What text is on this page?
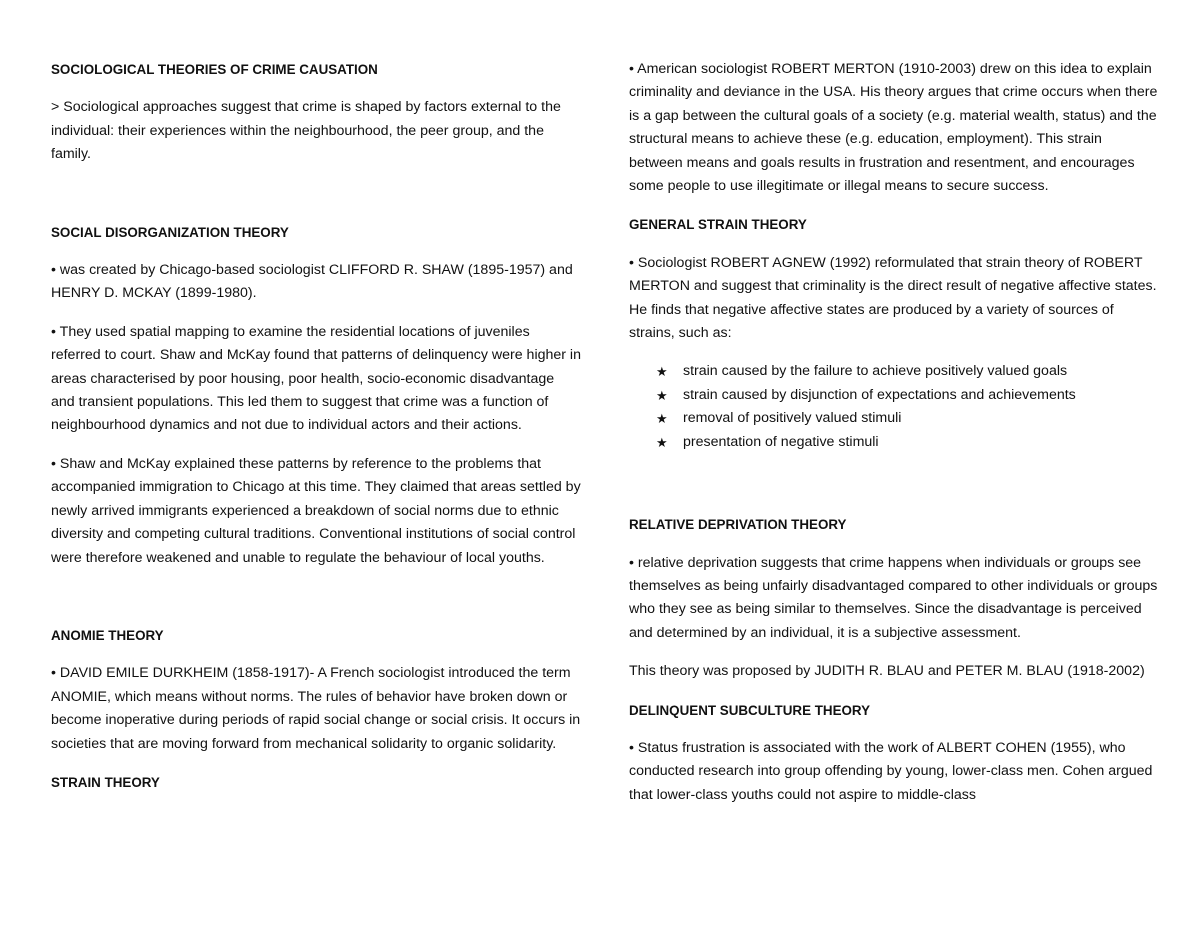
SOCIOLOGICAL THEORIES OF CRIME CAUSATION

> Sociological approaches suggest that crime is shaped by factors external to the individual: their experiences within the neighbourhood, the peer group, and the family.

SOCIAL DISORGANIZATION THEORY

• was created by Chicago-based sociologist CLIFFORD R. SHAW (1895-1957) and HENRY D. MCKAY (1899-1980).

• They used spatial mapping to examine the residential locations of juveniles referred to court. Shaw and McKay found that patterns of delinquency were higher in areas characterised by poor housing, poor health, socio-economic disadvantage and transient populations. This led them to suggest that crime was a function of neighbourhood dynamics and not due to individual actors and their actions.

• Shaw and McKay explained these patterns by reference to the problems that accompanied immigration to Chicago at this time. They claimed that areas settled by newly arrived immigrants experienced a breakdown of social norms due to ethnic diversity and competing cultural traditions. Conventional institutions of social control were therefore weakened and unable to regulate the behaviour of local youths.

ANOMIE THEORY

• DAVID EMILE DURKHEIM (1858-1917)- A French sociologist introduced the term ANOMIE, which means without norms. The rules of behavior have broken down or become inoperative during periods of rapid social change or social crisis. It occurs in societies that are moving forward from mechanical solidarity to organic solidarity.

STRAIN THEORY

• American sociologist ROBERT MERTON (1910-2003) drew on this idea to explain criminality and deviance in the USA. His theory argues that crime occurs when there is a gap between the cultural goals of a society (e.g. material wealth, status) and the structural means to achieve these (e.g. education, employment). This strain between means and goals results in frustration and resentment, and encourages some people to use illegitimate or illegal means to secure success.

GENERAL STRAIN THEORY

• Sociologist ROBERT AGNEW (1992) reformulated that strain theory of ROBERT MERTON and suggest that criminality is the direct result of negative affective states. He finds that negative affective states are produced by a variety of sources of strains, such as:

★ strain caused by the failure to achieve positively valued goals
★ strain caused by disjunction of expectations and achievements
★ removal of positively valued stimuli
★ presentation of negative stimuli

RELATIVE DEPRIVATION THEORY

• relative deprivation suggests that crime happens when individuals or groups see themselves as being unfairly disadvantaged compared to other individuals or groups who they see as being similar to themselves. Since the disadvantage is perceived and determined by an individual, it is a subjective assessment.

This theory was proposed by JUDITH R. BLAU and PETER M. BLAU (1918-2002)

DELINQUENT SUBCULTURE THEORY

• Status frustration is associated with the work of ALBERT COHEN (1955), who conducted research into group offending by young, lower-class men. Cohen argued that lower-class youths could not aspire to middle-class
